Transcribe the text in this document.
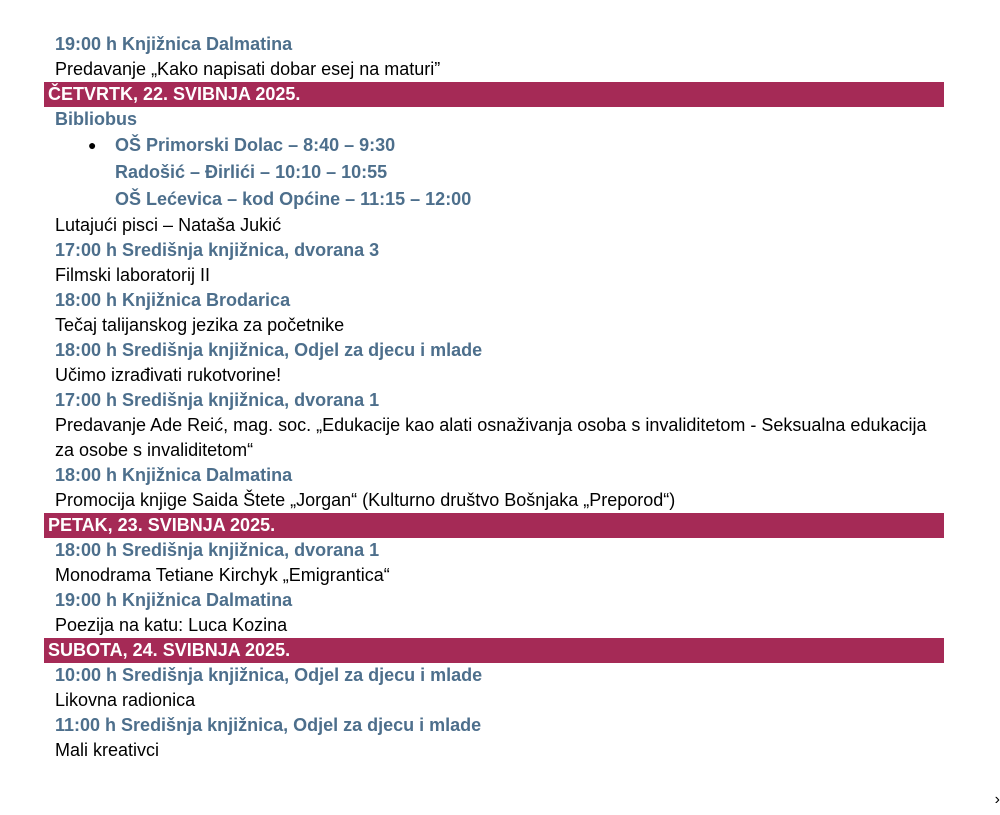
19:00 h Knjižnica Dalmatina
Predavanje „Kako napisati dobar esej na maturi”
ČETVRTK, 22. SVIBNJA 2025.
Bibliobus
● OŠ Primorski Dolac – 8:40 – 9:30
Radošić – Đirlići – 10:10 – 10:55
OŠ Lećevica – kod Općine – 11:15 – 12:00
Lutajući pisci – Nataša Jukić
17:00 h Središnja knjižnica, dvorana 3
Filmski laboratorij II
18:00 h Knjižnica Brodarica
Tečaj talijanskog jezika za početnike
18:00 h Središnja knjižnica, Odjel za djecu i mlade
Učimo izrađivati rukotvorine!
17:00 h Središnja knjižnica, dvorana 1
Predavanje Ade Reić, mag. soc. „Edukacije kao alati osnaživanja osoba s invaliditetom - Seksualna edukacija za osobe s invaliditetom“
18:00 h Knjižnica Dalmatina
Promocija knjige Saida Štete „Jorgan“ (Kulturno društvo Bošnjaka „Preporod“)
PETAK, 23. SVIBNJA 2025.
18:00 h Središnja knjižnica, dvorana 1
Monodrama Tetiane Kirchyk „Emigrantica“
19:00 h Knjižnica Dalmatina
Poezija na katu: Luca Kozina
SUBOTA, 24. SVIBNJA 2025.
10:00 h Središnja knjižnica, Odjel za djecu i mlade
Likovna radionica
11:00 h Središnja knjižnica, Odjel za djecu i mlade
Mali kreativci
›
